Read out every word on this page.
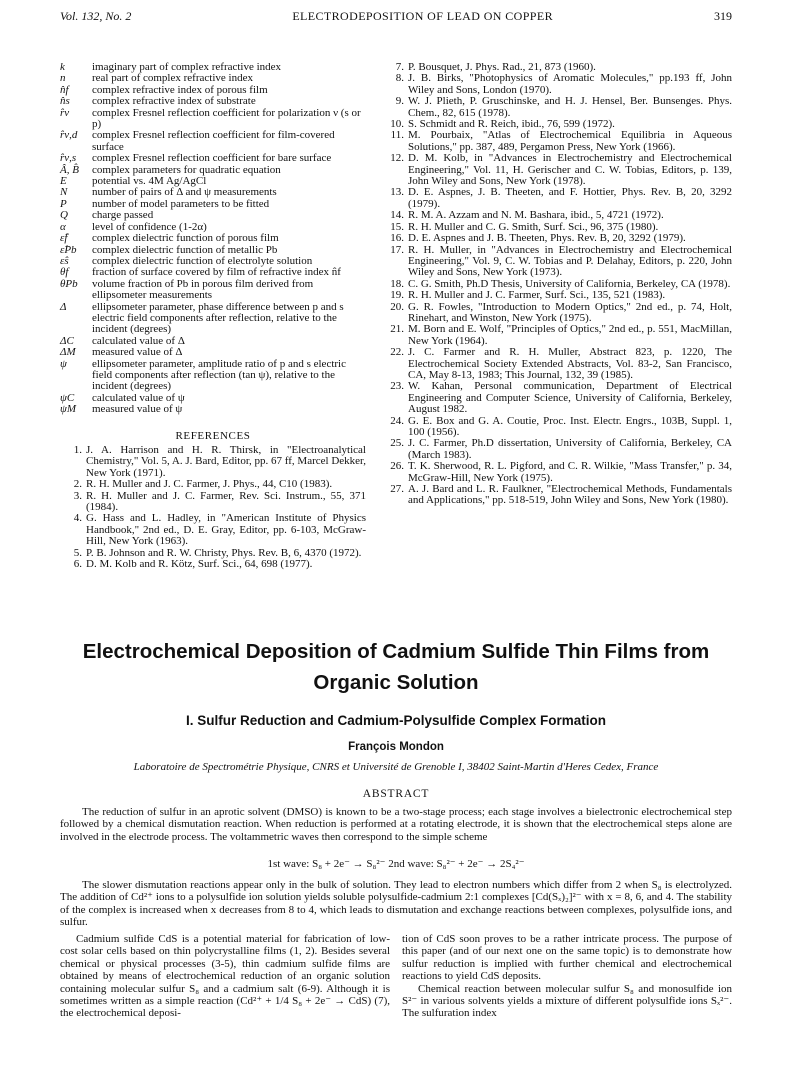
Vol. 132, No. 2	ELECTRODEPOSITION OF LEAD ON COPPER	319
k	imaginary part of complex refractive index
n	real part of complex refractive index
n̂f	complex refractive index of porous film
n̂s	complex refractive index of substrate
r̂ν	complex Fresnel reflection coefficient for polarization ν (s or p)
r̂ν,d	complex Fresnel reflection coefficient for film-covered surface
r̂ν,s	complex Fresnel reflection coefficient for bare surface
Â, B̂	complex parameters for quadratic equation
E	potential vs. 4M Ag/AgCl
N	number of pairs of Δ and ψ measurements
P	number of model parameters to be fitted
Q	charge passed
α	level of confidence (1-2α)
ε̂f	complex dielectric function of porous film
ε̂Pb	complex dielectric function of metallic Pb
ε̂s	complex dielectric function of electrolyte solution
θf	fraction of surface covered by film of refractive index n̂f
θPb	volume fraction of Pb in porous film derived from ellipsometer measurements
Δ	ellipsometer parameter, phase difference between p and s electric field components after reflection, relative to the incident (degrees)
ΔC	calculated value of Δ
ΔM	measured value of Δ
ψ	ellipsometer parameter, amplitude ratio of p and s electric field components after reflection (tan ψ), relative to the incident (degrees)
ψC	calculated value of ψ
ψM	measured value of ψ
REFERENCES
1. J. A. Harrison and H. R. Thirsk, in "Electroanalytical Chemistry," Vol. 5, A. J. Bard, Editor, pp. 67 ff, Marcel Dekker, New York (1971).
2. R. H. Muller and J. C. Farmer, J. Phys., 44, C10 (1983).
3. R. H. Muller and J. C. Farmer, Rev. Sci. Instrum., 55, 371 (1984).
4. G. Hass and L. Hadley, in "American Institute of Physics Handbook," 2nd ed., D. E. Gray, Editor, pp. 6-103, McGraw-Hill, New York (1963).
5. P. B. Johnson and R. W. Christy, Phys. Rev. B, 6, 4370 (1972).
6. D. M. Kolb and R. Kötz, Surf. Sci., 64, 698 (1977).
7. P. Bousquet, J. Phys. Rad., 21, 873 (1960).
8. J. B. Birks, "Photophysics of Aromatic Molecules," pp.193 ff, John Wiley and Sons, London (1970).
9. W. J. Plieth, P. Gruschinske, and H. J. Hensel, Ber. Bunsenges. Phys. Chem., 82, 615 (1978).
10. S. Schmidt and R. Reich, ibid., 76, 599 (1972).
11. M. Pourbaix, "Atlas of Electrochemical Equilibria in Aqueous Solutions," pp. 387, 489, Pergamon Press, New York (1966).
12. D. M. Kolb, in "Advances in Electrochemistry and Electrochemical Engineering," Vol. 11, H. Gerischer and C. W. Tobias, Editors, p. 139, John Wiley and Sons, New York (1978).
13. D. E. Aspnes, J. B. Theeten, and F. Hottier, Phys. Rev. B, 20, 3292 (1979).
14. R. M. A. Azzam and N. M. Bashara, ibid., 5, 4721 (1972).
15. R. H. Muller and C. G. Smith, Surf. Sci., 96, 375 (1980).
16. D. E. Aspnes and J. B. Theeten, Phys. Rev. B, 20, 3292 (1979).
17. R. H. Muller, in "Advances in Electrochemistry and Electrochemical Engineering," Vol. 9, C. W. Tobias and P. Delahay, Editors, p. 220, John Wiley and Sons, New York (1973).
18. C. G. Smith, Ph.D Thesis, University of California, Berkeley, CA (1978).
19. R. H. Muller and J. C. Farmer, Surf. Sci., 135, 521 (1983).
20. G. R. Fowles, "Introduction to Modern Optics," 2nd ed., p. 74, Holt, Rinehart, and Winston, New York (1975).
21. M. Born and E. Wolf, "Principles of Optics," 2nd ed., p. 551, MacMillan, New York (1964).
22. J. C. Farmer and R. H. Muller, Abstract 823, p. 1220, The Electrochemical Society Extended Abstracts, Vol. 83-2, San Francisco, CA, May 8-13, 1983; This Journal, 132, 39 (1985).
23. W. Kahan, Personal communication, Department of Electrical Engineering and Computer Science, University of California, Berkeley, August 1982.
24. G. E. Box and G. A. Coutie, Proc. Inst. Electr. Engrs., 103B, Suppl. 1, 100 (1956).
25. J. C. Farmer, Ph.D dissertation, University of California, Berkeley, CA (March 1983).
26. T. K. Sherwood, R. L. Pigford, and C. R. Wilkie, "Mass Transfer," p. 34, McGraw-Hill, New York (1975).
27. A. J. Bard and L. R. Faulkner, "Electrochemical Methods, Fundamentals and Applications," pp. 518-519, John Wiley and Sons, New York (1980).
Electrochemical Deposition of Cadmium Sulfide Thin Films from Organic Solution
I. Sulfur Reduction and Cadmium-Polysulfide Complex Formation
François Mondon
Laboratoire de Spectrométrie Physique, CNRS et Université de Grenoble I, 38402 Saint-Martin d'Heres Cedex, France
ABSTRACT
The reduction of sulfur in an aprotic solvent (DMSO) is known to be a two-stage process; each stage involves a bielectronic electrochemical step followed by a chemical dismutation reaction. When reduction is performed at a rotating electrode, it is shown that the electrochemical steps alone are involved in the electrode process. The voltammetric waves then correspond to the simple scheme
1st wave: S₈ + 2e⁻ → S₈²⁻ 2nd wave: S₈²⁻ + 2e⁻ → 2S₄²⁻
The slower dismutation reactions appear only in the bulk of solution. They lead to electron numbers which differ from 2 when S₈ is electrolyzed. The addition of Cd²⁺ ions to a polysulfide ion solution yields soluble polysulfide-cadmium 2:1 complexes [Cd(Sₓ)₂]²⁻ with x = 8, 6, and 4. The stability of the complex is increased when x decreases from 8 to 4, which leads to dismutation and exchange reactions between complexes, polysulfide ions, and sulfur.

Cadmium sulfide CdS is a potential material for fabrication of low-cost solar cells based on thin polycrystalline films (1, 2). Besides several chemical or physical processes (3-5), thin cadmium sulfide films are obtained by means of electrochemical reduction of an organic solution containing molecular sulfur S₈ and a cadmium salt (6-9). Although it is sometimes written as a simple reaction (Cd²⁺ + 1/4 S₈ + 2e⁻ → CdS) (7), the electrochemical deposi-

tion of CdS soon proves to be a rather intricate process. The purpose of this paper (and of our next one on the same topic) is to demonstrate how sulfur reduction is implied with further chemical and electrochemical reactions to yield CdS deposits.

Chemical reaction between molecular sulfur S₈ and monosulfide ion S²⁻ in various solvents yields a mixture of different polysulfide ions Sₓ²⁻. The sulfuration index
